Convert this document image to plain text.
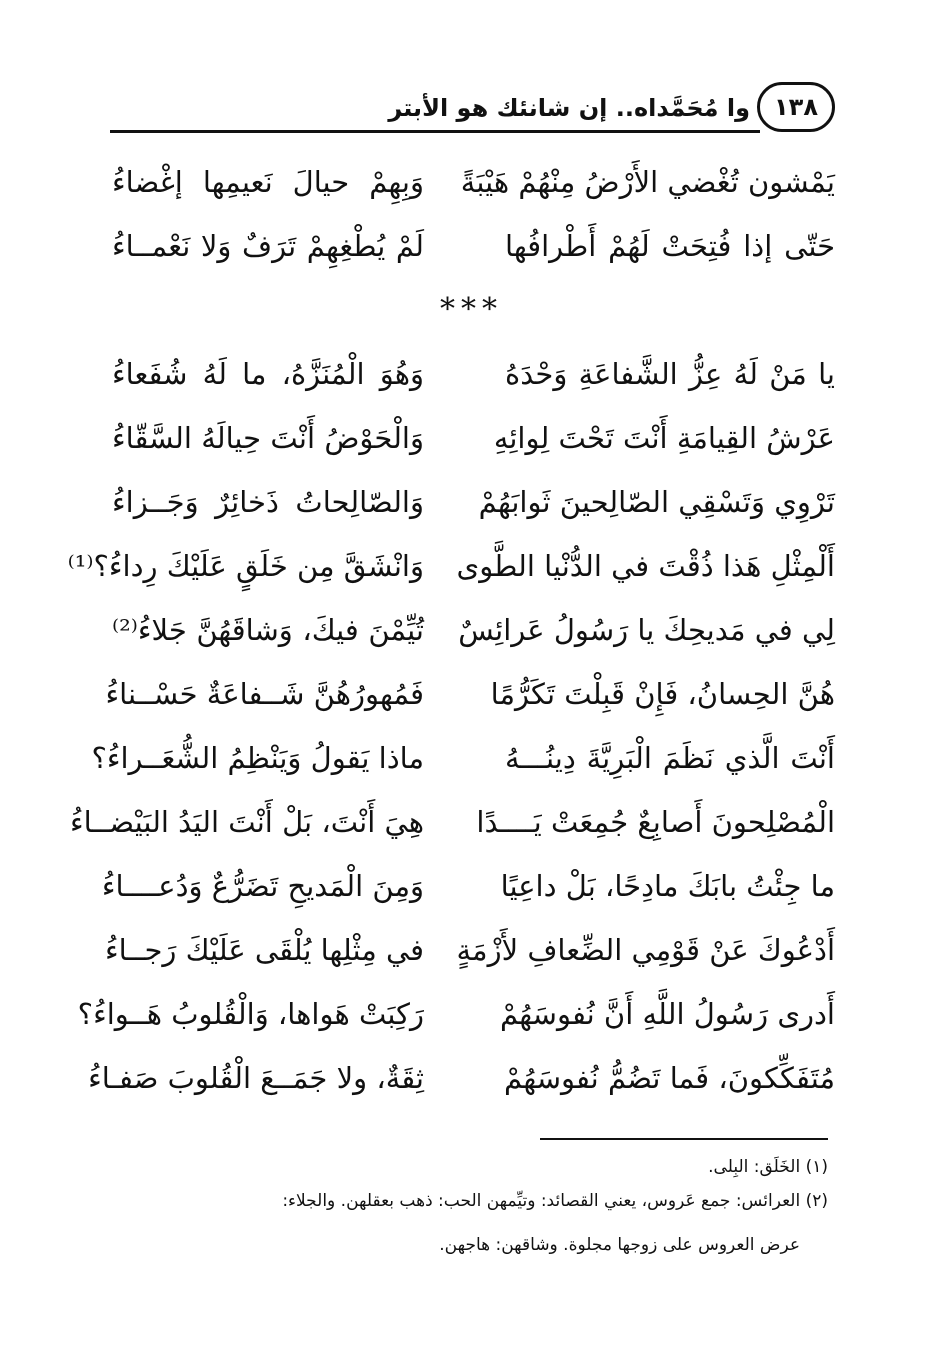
وا مُحَمَّداه.. إن شانئك هو الأبتر	١٣٨
يَمْشون تُغْضي الأَرْضُ مِنْهُمْ هَيْبَةً
وَبِهِمْ حيالَ نَعيمِها إغْضاءُ
حَتّى إذا فُتِحَتْ لَهُمْ أَطْرافُها
لَمْ يُطْغِهِمْ تَرَفٌ وَلا نَعْمــاءُ
***
يا مَنْ لَهُ عِزُّ الشَّفاعَةِ وَحْدَهُ
وَهُوَ الْمُنَزَّهُ، ما لَهُ شُفَعاءُ
عَرْشُ القِيامَةِ أَنْتَ تَحْتَ لِوائِهِ
وَالْحَوْضُ أَنْتَ حِيالَهُ السَّقّاءُ
تَرْوِي وَتَسْقِي الصّالِحينَ ثَوابَهُمْ
وَالصّالِحاتُ ذَخائِرٌ وَجَــزاءُ
أَلْمِثْلِ هَذا ذُقْتَ في الدُّنْيا الطَّوى
وَانْشَقَّ مِن خَلَقٍ عَلَيْكَ رِداءُ؟⁽¹⁾
لِي في مَديحِكَ يا رَسُولُ عَرائِسٌ
تُيِّمْنَ فيكَ، وَشاقَهُنَّ جَلاءُ⁽²⁾
هُنَّ الحِسانُ، فَإِنْ قَبِلْتَ تَكَرُّمًا
فَمُهورُهُنَّ شَــفاعَةٌ حَسْــناءُ
أَنْتَ الَّذي نَظَمَ الْبَرِيَّةَ دِينُـــهُ
ماذا يَقولُ وَيَنْظِمُ الشُّعَــراءُ؟
الْمُصْلِحونَ أَصابِعٌ جُمِعَتْ يَــــدًا
هِيَ أَنْتَ، بَلْ أَنْتَ اليَدُ البَيْضــاءُ
ما جِئْتُ بابَكَ مادِحًا، بَلْ داعِيًا
وَمِنَ الْمَديحِ تَضَرُّعٌ وَدُعــــاءُ
أَدْعُوكَ عَنْ قَوْمِي الضِّعافِ لأَزْمَةٍ
في مِثْلِها يُلْقَى عَلَيْكَ رَجــاءُ
أَدرى رَسُولُ اللَّهِ أَنَّ نُفوسَهُمْ
رَكِبَتْ هَواها، وَالْقُلوبُ هَــواءُ؟
مُتَفَكِّكونَ، فَما تَضُمُّ نُفوسَهُمْ
ثِقَةٌ، ولا جَمَــعَ الْقُلوبَ صَفـاءُ
(١) الخَلَق: البِلى.
(٢) العرائس: جمع عَروس، يعني القصائد: وتيِّمهن الحب: ذهب بعقلهن. والجلاء:
عرض العروس على زوجها مجلوة. وشاقهن: هاجهن.
